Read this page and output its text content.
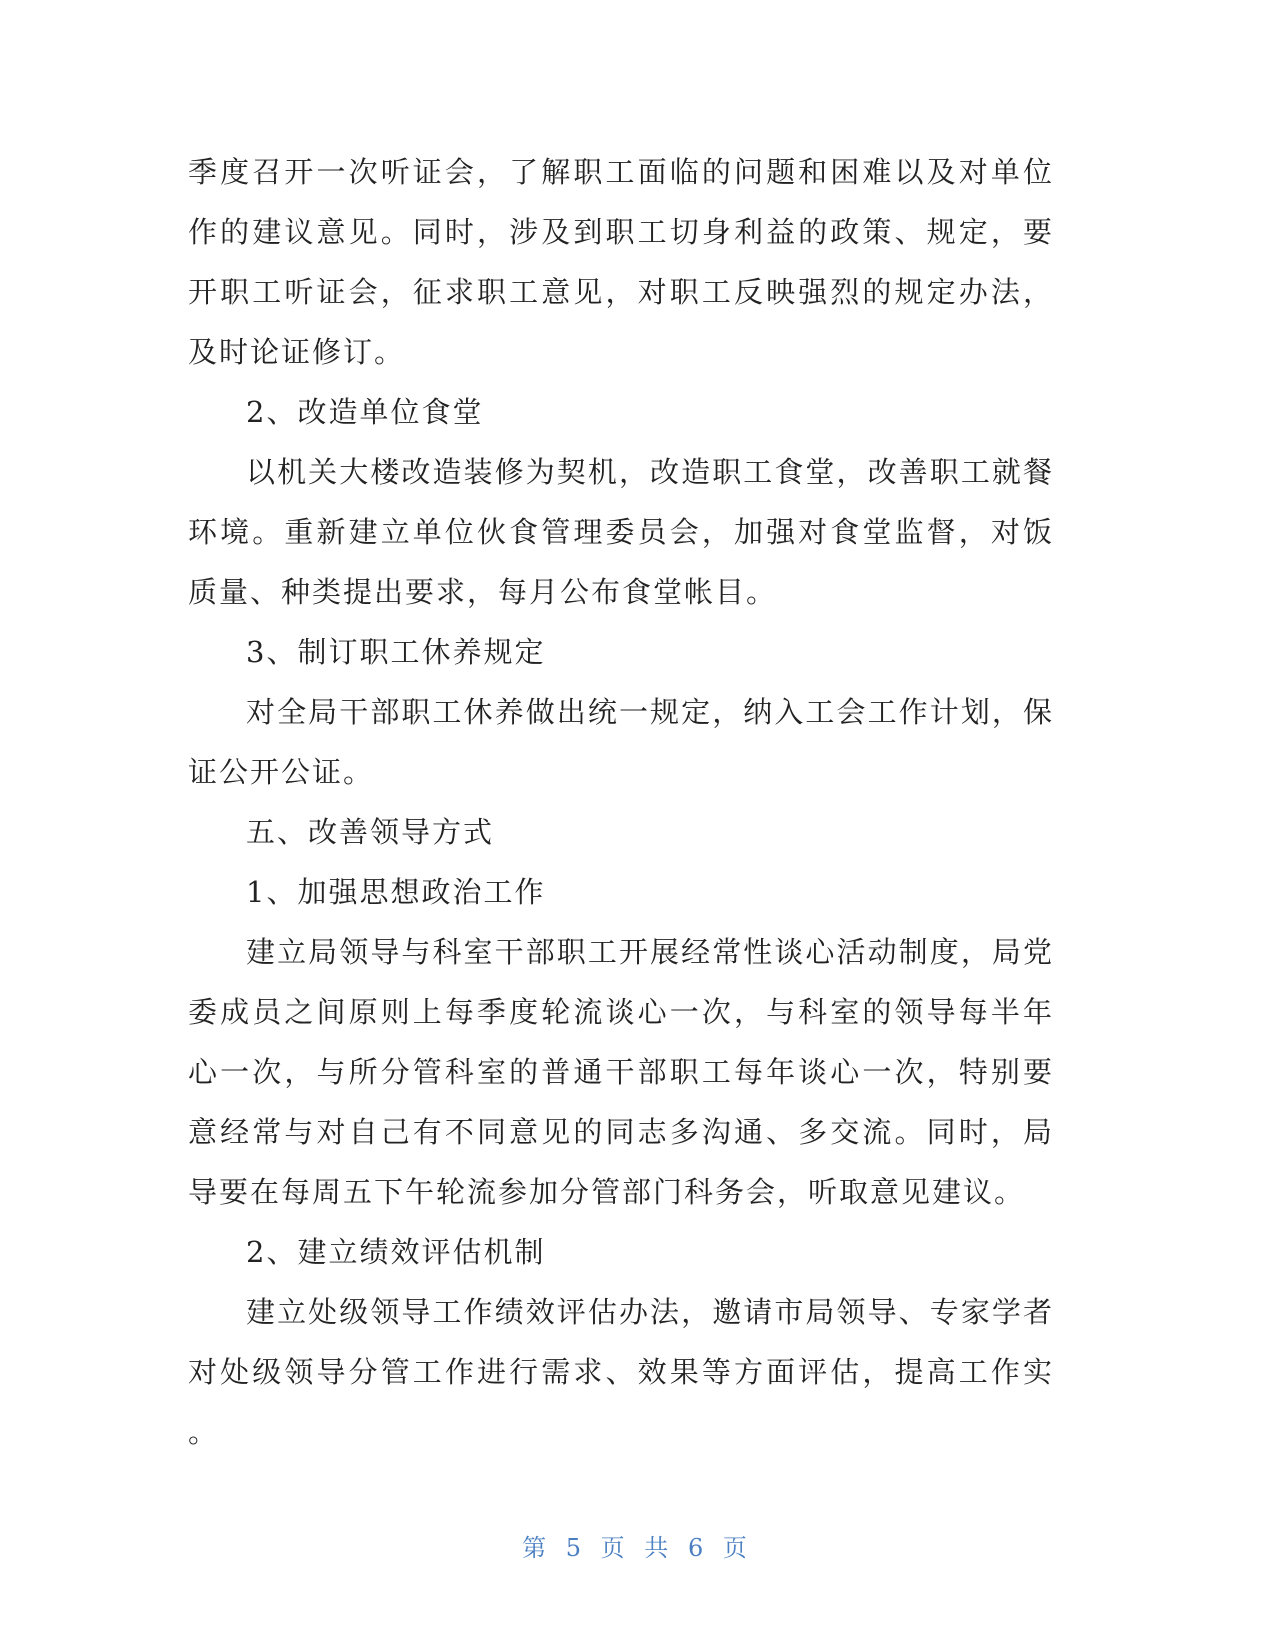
季度召开一次听证会，了解职工面临的问题和困难以及对单位
作的建议意见。同时，涉及到职工切身利益的政策、规定，要
开职工听证会，征求职工意见，对职工反映强烈的规定办法，
及时论证修订。
2、改造单位食堂
以机关大楼改造装修为契机，改造职工食堂，改善职工就餐
环境。重新建立单位伙食管理委员会，加强对食堂监督，对饭
质量、种类提出要求，每月公布食堂帐目。
3、制订职工休养规定
对全局干部职工休养做出统一规定，纳入工会工作计划，保
证公开公证。
五、改善领导方式
1、加强思想政治工作
建立局领导与科室干部职工开展经常性谈心活动制度，局党
委成员之间原则上每季度轮流谈心一次，与科室的领导每半年
心一次，与所分管科室的普通干部职工每年谈心一次，特别要
意经常与对自己有不同意见的同志多沟通、多交流。同时，局
导要在每周五下午轮流参加分管部门科务会，听取意见建议。
2、建立绩效评估机制
建立处级领导工作绩效评估办法，邀请市局领导、专家学者
对处级领导分管工作进行需求、效果等方面评估，提高工作实
。
第 5 页 共 6 页
